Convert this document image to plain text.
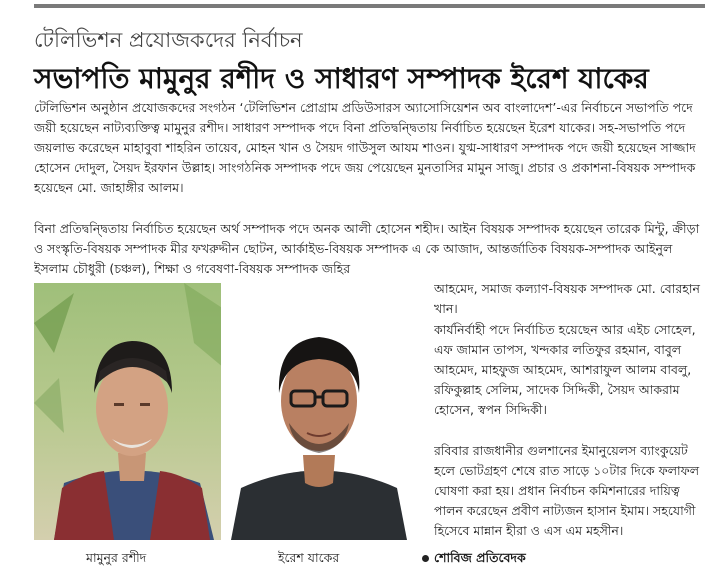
টেলিভিশন প্রযোজকদের নির্বাচন
সভাপতি মামুনুর রশীদ ও সাধারণ সম্পাদক ইরেশ যাকের

টেলিভিশন অনুষ্ঠান প্রযোজকদের সংগঠন ‘টেলিভিশন প্রোগ্রাম প্রডিউসারস অ্যাসোসিয়েশন অব বাংলাদেশ’-এর নির্বাচনে সভাপতি পদে জয়ী হয়েছেন নাট্যব্যক্তিত্ব মামুনুর রশীদ। সাধারণ সম্পাদক পদে বিনা প্রতিদ্বন্দ্বিতায় নির্বাচিত হয়েছেন ইরেশ যাকের। সহ-সভাপতি পদে জয়লাভ করেছেন মাহাবুবা শাহরিন তায়েব, মোহন খান ও সৈয়দ গাউসুল আযম শাওন। যুগ্ম-সাধারণ সম্পাদক পদে জয়ী হয়েছেন সাজ্জাদ হোসেন দোদুল, সৈয়দ ইরফান উল্লাহ। সাংগঠনিক সম্পাদক পদে জয় পেয়েছেন মুনতাসির মামুন সাজু। প্রচার ও প্রকাশনা-বিষয়ক সম্পাদক হয়েছেন মো. জাহাঙ্গীর আলম।

বিনা প্রতিদ্বন্দ্বিতায় নির্বাচিত হয়েছেন অর্থ সম্পাদক পদে অনক আলী হোসেন শহীদ। আইন বিষয়ক সম্পাদক হয়েছেন তারেক মিন্টু, ক্রীড়া ও সংস্কৃতি-বিষয়ক সম্পাদক মীর ফখরুদ্দীন ছোটন, আর্কাইভ-বিষয়ক সম্পাদক এ কে আজাদ, আন্তর্জাতিক বিষয়ক-সম্পাদক আইনুল ইসলাম চৌধুরী (চঞ্চল), শিক্ষা ও গবেষণা-বিষয়ক সম্পাদক জহির

আহমেদ, সমাজ কল্যাণ-বিষয়ক সম্পাদক মো. বোরহান খান।

কার্যনির্বাহী পদে নির্বাচিত হয়েছেন আর এইচ সোহেল, এফ জামান তাপস, খন্দকার লতিফুর রহমান, বাবুল আহমেদ, মাহফুজ আহমেদ, আশরাফুল আলম বাবলু, রফিকুল্লাহ সেলিম, সাদেক সিদ্দিকী, সৈয়দ আকরাম হোসেন, স্বপন সিদ্দিকী।

রবিবার রাজধানীর গুলশানের ইমানুয়েলস ব্যাংকুয়েট হলে ভোটগ্রহণ শেষে রাত সাড়ে ১০টার দিকে ফলাফল ঘোষণা করা হয়। প্রধান নির্বাচন কমিশনারের দায়িত্ব পালন করেছেন প্রবীণ নাট্যজন হাসান ইমাম। সহযোগী হিসেবে মান্নান হীরা ও এস এম মহসীন।

মামুনুর রশীদ	ইরেশ যাকের	শোবিজ প্রতিবেদক
